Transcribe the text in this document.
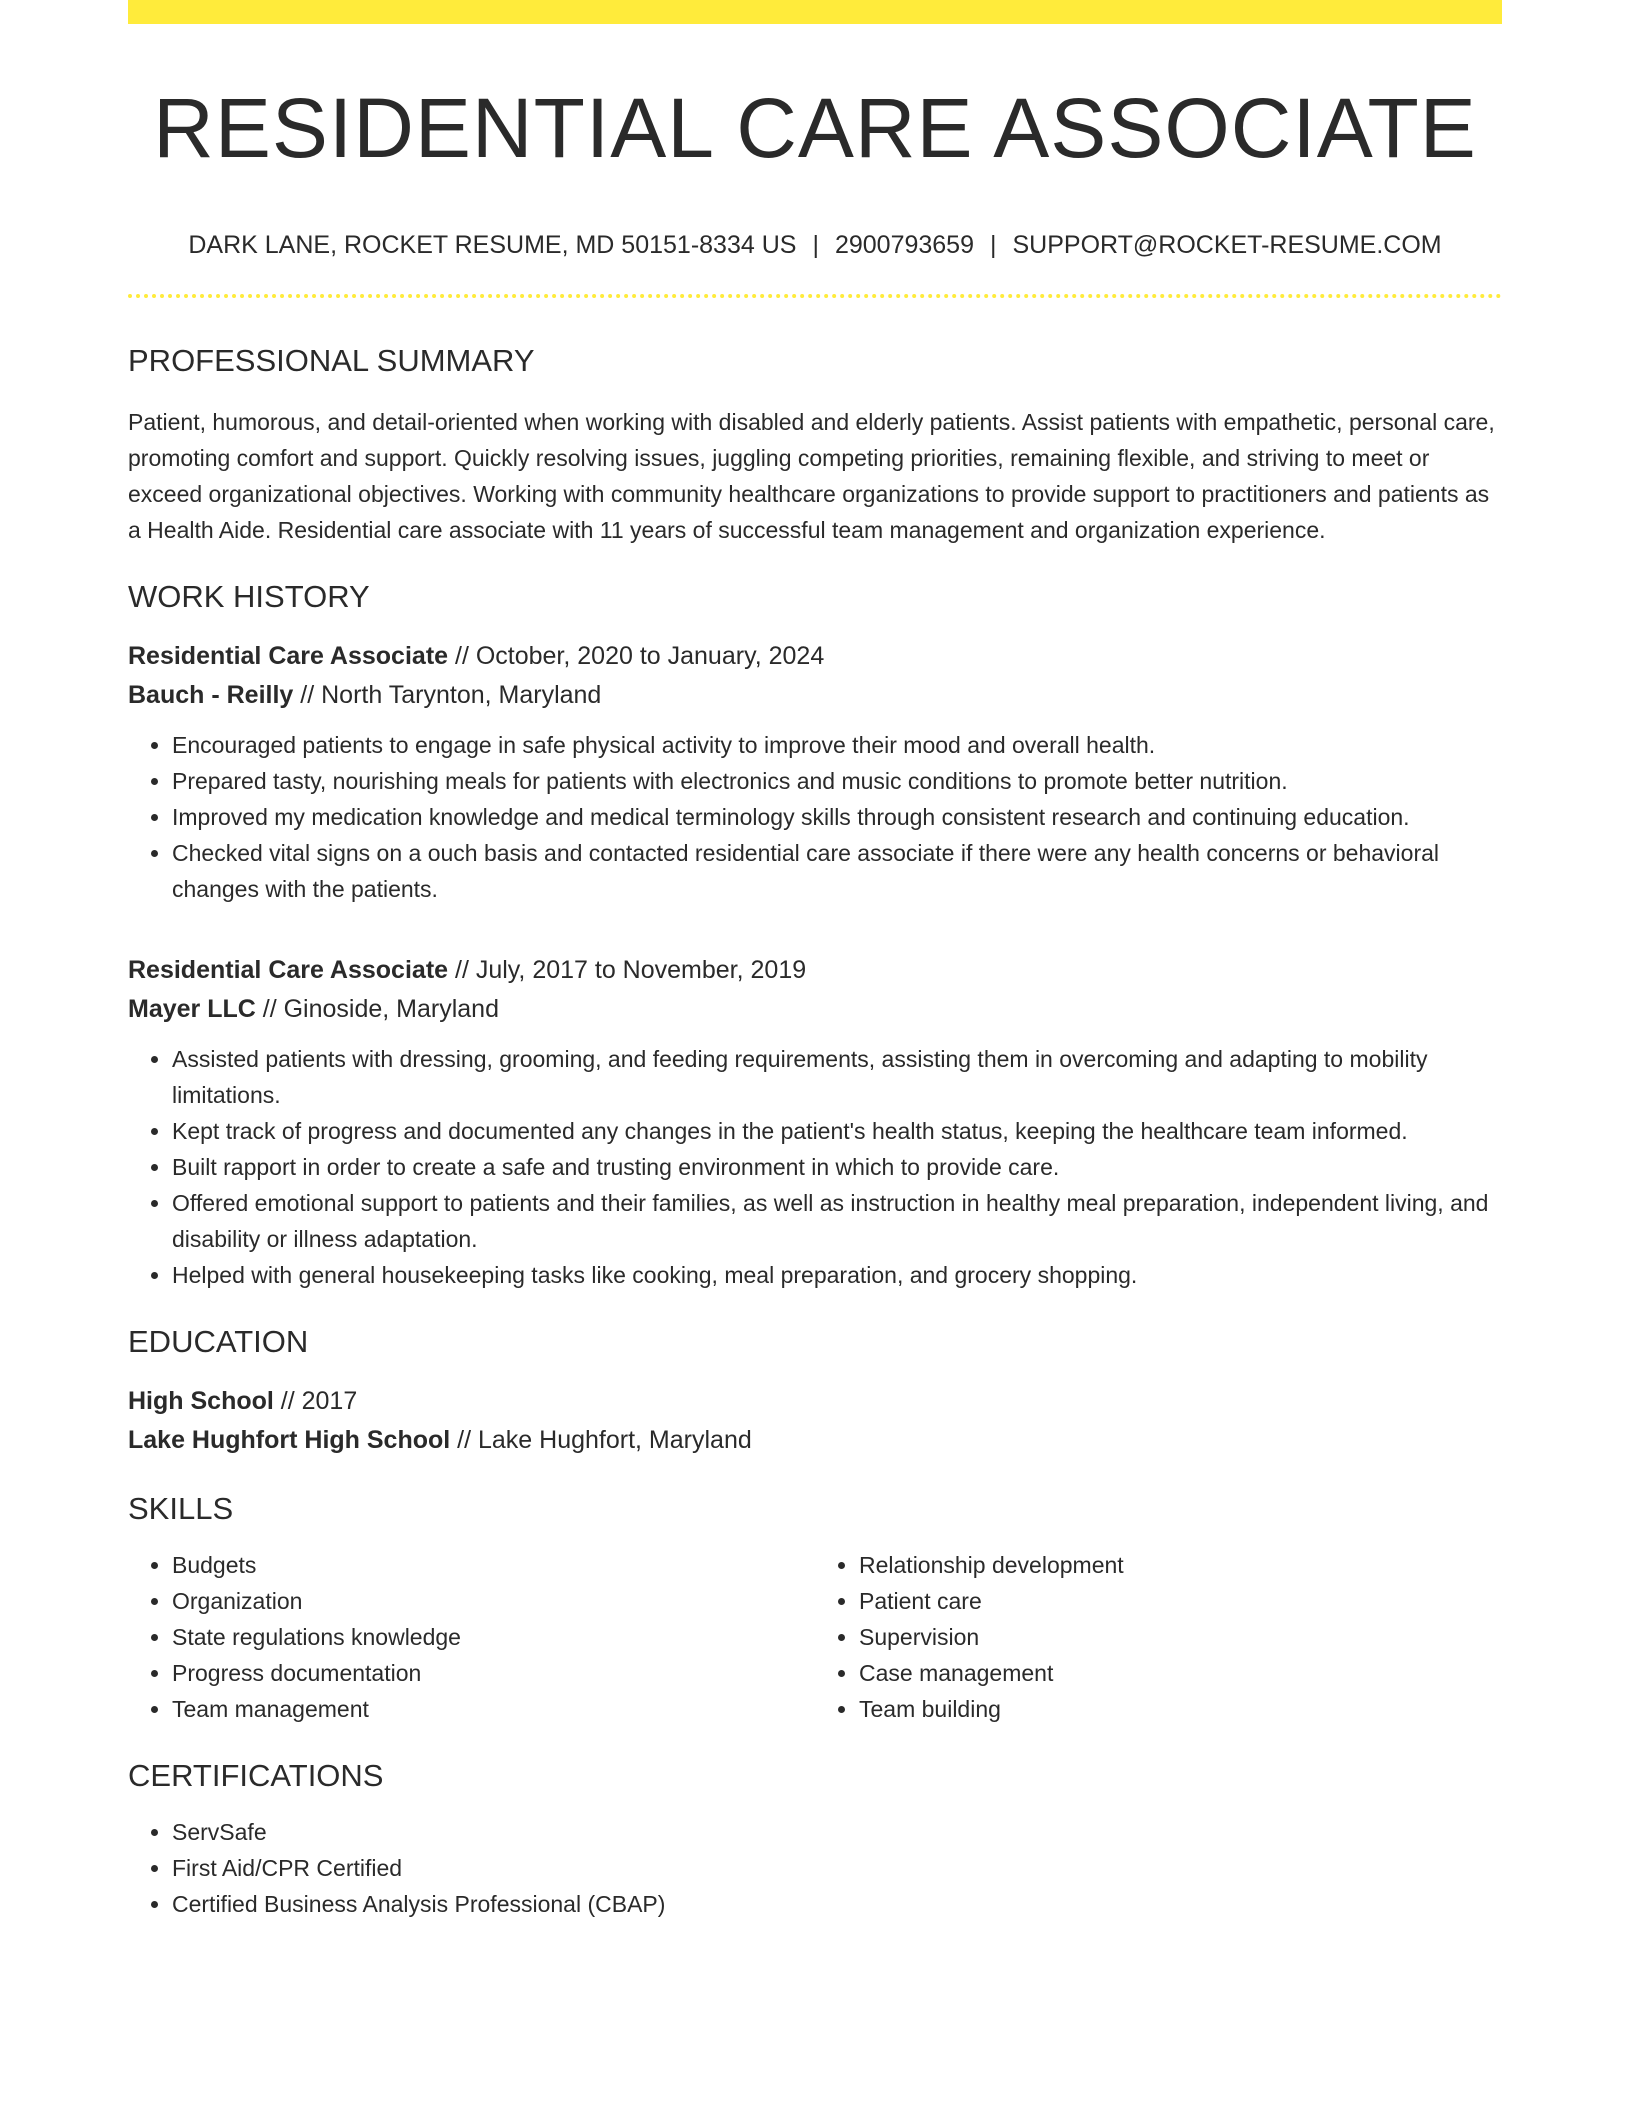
RESIDENTIAL CARE ASSOCIATE
DARK LANE, ROCKET RESUME, MD 50151-8334 US | 2900793659 | SUPPORT@ROCKET-RESUME.COM
PROFESSIONAL SUMMARY

Patient, humorous, and detail-oriented when working with disabled and elderly patients. Assist patients with empathetic, personal care, promoting comfort and support. Quickly resolving issues, juggling competing priorities, remaining flexible, and striving to meet or exceed organizational objectives. Working with community healthcare organizations to provide support to practitioners and patients as a Health Aide. Residential care associate with 11 years of successful team management and organization experience.

WORK HISTORY
Residential Care Associate // October, 2020 to January, 2024
Bauch - Reilly // North Tarynton, Maryland
• Encouraged patients to engage in safe physical activity to improve their mood and overall health.
• Prepared tasty, nourishing meals for patients with electronics and music conditions to promote better nutrition.
• Improved my medication knowledge and medical terminology skills through consistent research and continuing education.
• Checked vital signs on a ouch basis and contacted residential care associate if there were any health concerns or behavioral changes with the patients.
Residential Care Associate // July, 2017 to November, 2019
Mayer LLC // Ginoside, Maryland
• Assisted patients with dressing, grooming, and feeding requirements, assisting them in overcoming and adapting to mobility limitations.
• Kept track of progress and documented any changes in the patient's health status, keeping the healthcare team informed.
• Built rapport in order to create a safe and trusting environment in which to provide care.
• Offered emotional support to patients and their families, as well as instruction in healthy meal preparation, independent living, and disability or illness adaptation.
• Helped with general housekeeping tasks like cooking, meal preparation, and grocery shopping.
EDUCATION
High School // 2017
Lake Hughfort High School // Lake Hughfort, Maryland
SKILLS
• Budgets
• Organization
• State regulations knowledge
• Progress documentation
• Team management
• Relationship development
• Patient care
• Supervision
• Case management
• Team building
CERTIFICATIONS
• ServSafe
• First Aid/CPR Certified
• Certified Business Analysis Professional (CBAP)
